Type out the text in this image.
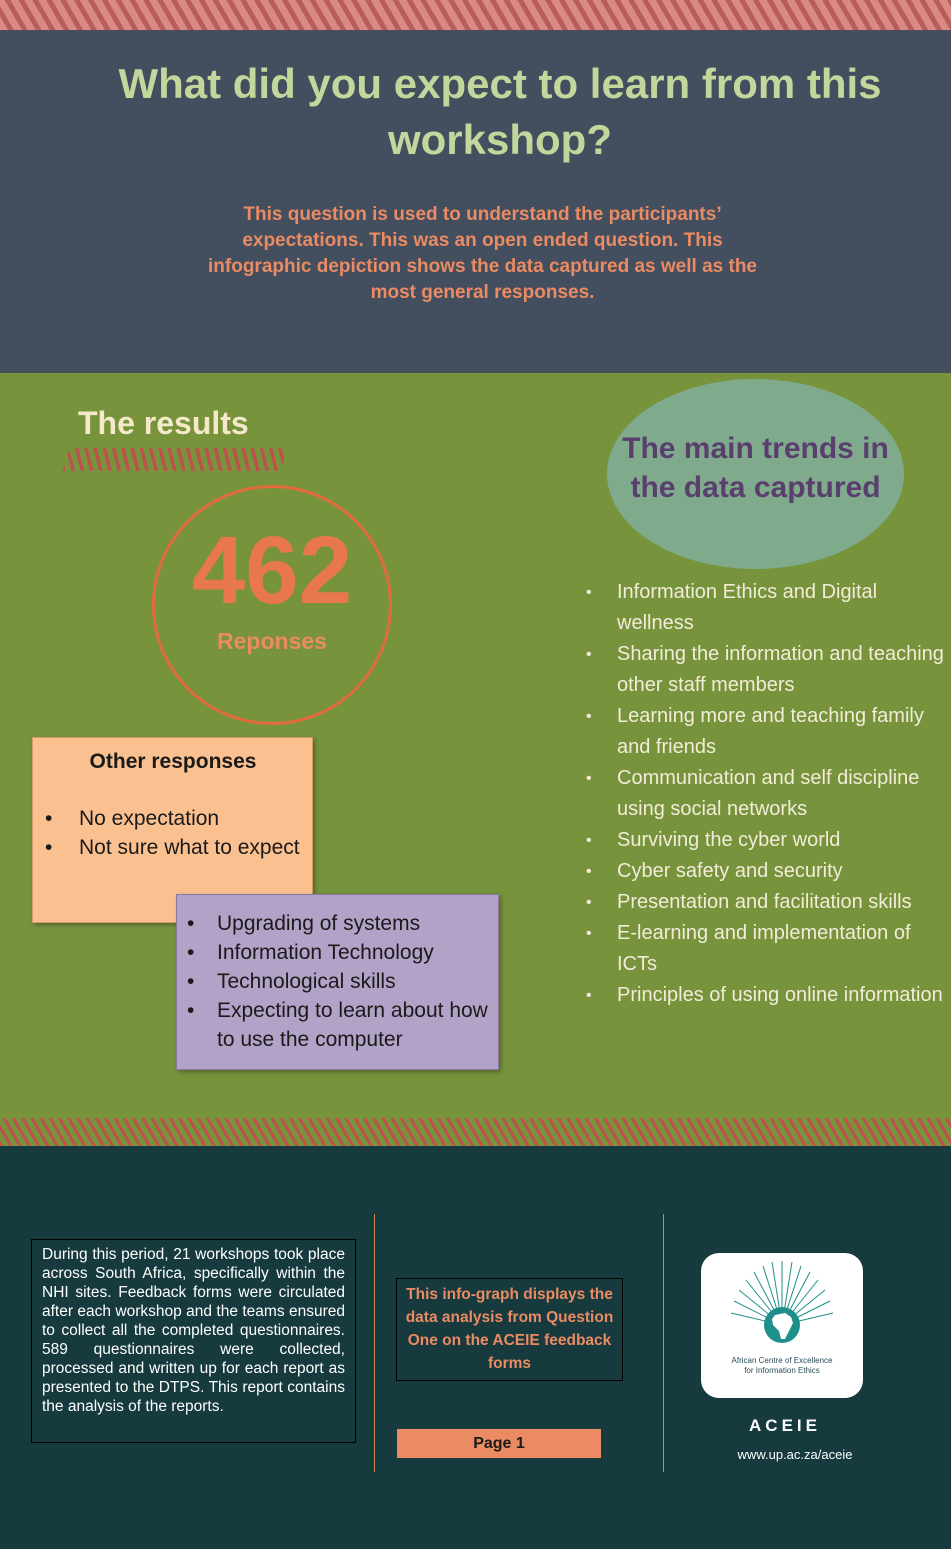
What did you expect to learn from this workshop?
This question is used to understand the participants’ expectations. This was an open ended question. This infographic depiction shows the data captured as well as the most general responses.
The results
462
Reponses
Other responses
• No expectation
• Not sure what to expect
• Upgrading of systems
• Information Technology
• Technological skills
• Expecting to learn about how to use the computer
The main trends in the data captured
• Information Ethics and Digital wellness
• Sharing the information and teaching other staff members
• Learning more and teaching family and friends
• Communication and self discipline using social networks
• Surviving the cyber world
• Cyber safety and security
• Presentation and facilitation skills
• E-learning and implementation of ICTs
• Principles of using online information
During this period, 21 workshops took place across South Africa, specifically within the NHI sites. Feedback forms were circulated after each workshop and the teams ensured to collect all the completed questionnaires. 589 questionnaires were collected, processed and written up for each report as presented to the DTPS. This report contains the analysis of the reports.
This info-graph displays the data analysis from Question One on the ACEIE feedback forms
Page 1
African Centre of Excellence
for Information Ethics
ACEIE
www.up.ac.za/aceie
